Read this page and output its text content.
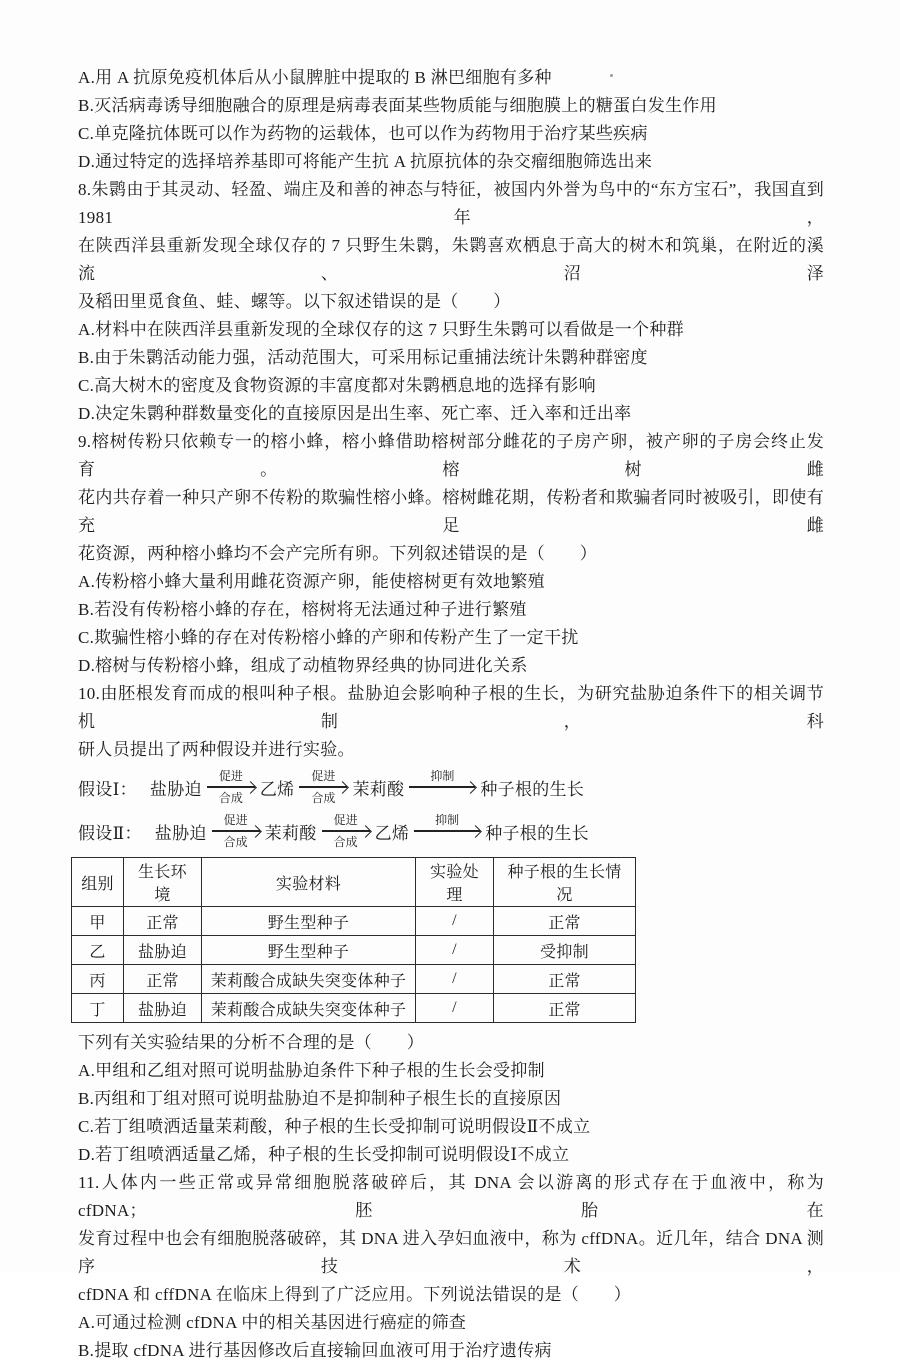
A.用 A 抗原免疫机体后从小鼠脾脏中提取的 B 淋巴细胞有多种
B.灭活病毒诱导细胞融合的原理是病毒表面某些物质能与细胞膜上的糖蛋白发生作用
C.单克隆抗体既可以作为药物的运载体，也可以作为药物用于治疗某些疾病
D.通过特定的选择培养基即可将能产生抗 A 抗原抗体的杂交瘤细胞筛选出来
8.朱鹮由于其灵动、轻盈、端庄及和善的神态与特征，被国内外誉为鸟中的“东方宝石”，我国直到 1981 年，
在陕西洋县重新发现全球仅存的 7 只野生朱鹮，朱鹮喜欢栖息于高大的树木和筑巢，在附近的溪流、沼泽
及稻田里觅食鱼、蛙、螺等。以下叙述错误的是（　　）
A.材料中在陕西洋县重新发现的全球仅存的这 7 只野生朱鹮可以看做是一个种群
B.由于朱鹮活动能力强，活动范围大，可采用标记重捕法统计朱鹮种群密度
C.高大树木的密度及食物资源的丰富度都对朱鹮栖息地的选择有影响
D.决定朱鹮种群数量变化的直接原因是出生率、死亡率、迁入率和迁出率
9.榕树传粉只依赖专一的榕小蜂，榕小蜂借助榕树部分雌花的子房产卵，被产卵的子房会终止发育。榕树雌
花内共存着一种只产卵不传粉的欺骗性榕小蜂。榕树雌花期，传粉者和欺骗者同时被吸引，即使有充足雌
花资源，两种榕小蜂均不会产完所有卵。下列叙述错误的是（　　）
A.传粉榕小蜂大量利用雌花资源产卵，能使榕树更有效地繁殖
B.若没有传粉榕小蜂的存在，榕树将无法通过种子进行繁殖
C.欺骗性榕小蜂的存在对传粉榕小蜂的产卵和传粉产生了一定干扰
D.榕树与传粉榕小蜂，组成了动植物界经典的协同进化关系
10.由胚根发育而成的根叫种子根。盐胁迫会影响种子根的生长，为研究盐胁迫条件下的相关调节机制，科
研人员提出了两种假设并进行实验。
假设Ⅰ： 盐胁迫
促进
合成 乙烯
促进
合成 茉莉酸
抑制
种子根的生长
假设Ⅱ： 盐胁迫
促进
合成 茉莉酸
促进
合成 乙烯
抑制
种子根的生长
组别	生长环境	实验材料	实验处理	种子根的生长情况
甲	正常	野生型种子	/	正常
乙	盐胁迫	野生型种子	/	受抑制
丙	正常	茉莉酸合成缺失突变体种子	/	正常
丁	盐胁迫	茉莉酸合成缺失突变体种子	/	正常
下列有关实验结果的分析不合理的是（　　）
A.甲组和乙组对照可说明盐胁迫条件下种子根的生长会受抑制
B.丙组和丁组对照可说明盐胁迫不是抑制种子根生长的直接原因
C.若丁组喷洒适量茉莉酸，种子根的生长受抑制可说明假设Ⅱ不成立
D.若丁组喷洒适量乙烯，种子根的生长受抑制可说明假设Ⅰ不成立
11.人体内一些正常或异常细胞脱落破碎后，其 DNA 会以游离的形式存在于血液中，称为 cfDNA；胚胎在
发育过程中也会有细胞脱落破碎，其 DNA 进入孕妇血液中，称为 cffDNA。近几年，结合 DNA 测序技术，
cfDNA 和 cffDNA 在临床上得到了广泛应用。下列说法错误的是（　　）
A.可通过检测 cfDNA 中的相关基因进行癌症的筛查
B.提取 cfDNA 进行基因修改后直接输回血液可用于治疗遗传病
